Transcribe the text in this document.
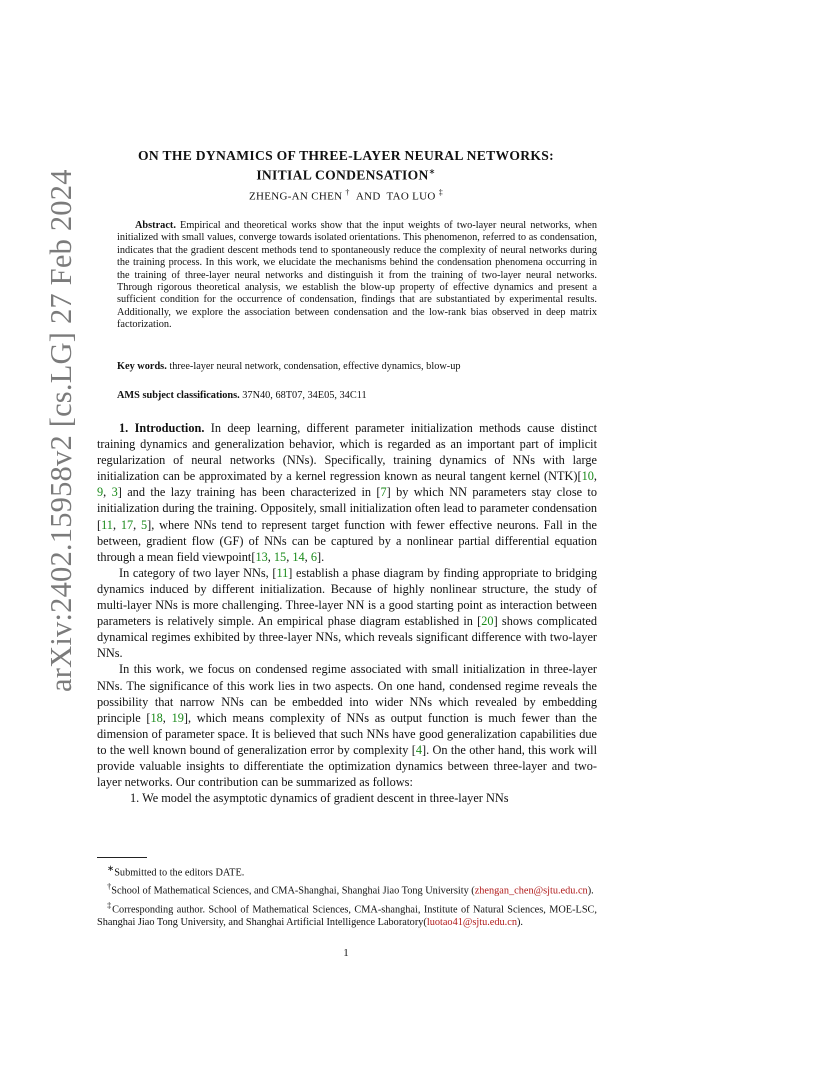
arXiv:2402.15958v2 [cs.LG] 27 Feb 2024
ON THE DYNAMICS OF THREE-LAYER NEURAL NETWORKS:
INITIAL CONDENSATION∗
ZHENG-AN CHEN † AND TAO LUO ‡
Abstract. Empirical and theoretical works show that the input weights of two-layer neural networks, when initialized with small values, converge towards isolated orientations. This phenomenon, referred to as condensation, indicates that the gradient descent methods tend to spontaneously reduce the complexity of neural networks during the training process. In this work, we elucidate the mechanisms behind the condensation phenomena occurring in the training of three-layer neural networks and distinguish it from the training of two-layer neural networks. Through rigorous theoretical analysis, we establish the blow-up property of effective dynamics and present a sufficient condition for the occurrence of condensation, findings that are substantiated by experimental results. Additionally, we explore the association between condensation and the low-rank bias observed in deep matrix factorization.
Key words. three-layer neural network, condensation, effective dynamics, blow-up
AMS subject classifications. 37N40, 68T07, 34E05, 34C11

1. Introduction. In deep learning, different parameter initialization methods cause distinct training dynamics and generalization behavior, which is regarded as an important part of implicit regularization of neural networks (NNs). Specifically, training dynamics of NNs with large initialization can be approximated by a kernel regression known as neural tangent kernel (NTK)[10, 9, 3] and the lazy training has been characterized in [7] by which NN parameters stay close to initialization during the training. Oppositely, small initialization often lead to parameter condensation [11, 17, 5], where NNs tend to represent target function with fewer effective neurons. Fall in the between, gradient flow (GF) of NNs can be captured by a nonlinear partial differential equation through a mean field viewpoint[13, 15, 14, 6].

In category of two layer NNs, [11] establish a phase diagram by finding appropriate to bridging dynamics induced by different initialization. Because of highly nonlinear structure, the study of multi-layer NNs is more challenging. Three-layer NN is a good starting point as interaction between parameters is relatively simple. An empirical phase diagram established in [20] shows complicated dynamical regimes exhibited by three-layer NNs, which reveals significant difference with two-layer NNs.

In this work, we focus on condensed regime associated with small initialization in three-layer NNs. The significance of this work lies in two aspects. On one hand, condensed regime reveals the possibility that narrow NNs can be embedded into wider NNs which revealed by embedding principle [18, 19], which means complexity of NNs as output function is much fewer than the dimension of parameter space. It is believed that such NNs have good generalization capabilities due to the well known bound of generalization error by complexity [4]. On the other hand, this work will provide valuable insights to differentiate the optimization dynamics between three-layer and two-layer networks. Our contribution can be summarized as follows:

1. We model the asymptotic dynamics of gradient descent in three-layer NNs

∗Submitted to the editors DATE.

†School of Mathematical Sciences, and CMA-Shanghai, Shanghai Jiao Tong University (zhengan_chen@sjtu.edu.cn).

‡Corresponding author. School of Mathematical Sciences, CMA-shanghai, Institute of Natural Sciences, MOE-LSC, Shanghai Jiao Tong University, and Shanghai Artificial Intelligence Laboratory(luotao41@sjtu.edu.cn).

1
